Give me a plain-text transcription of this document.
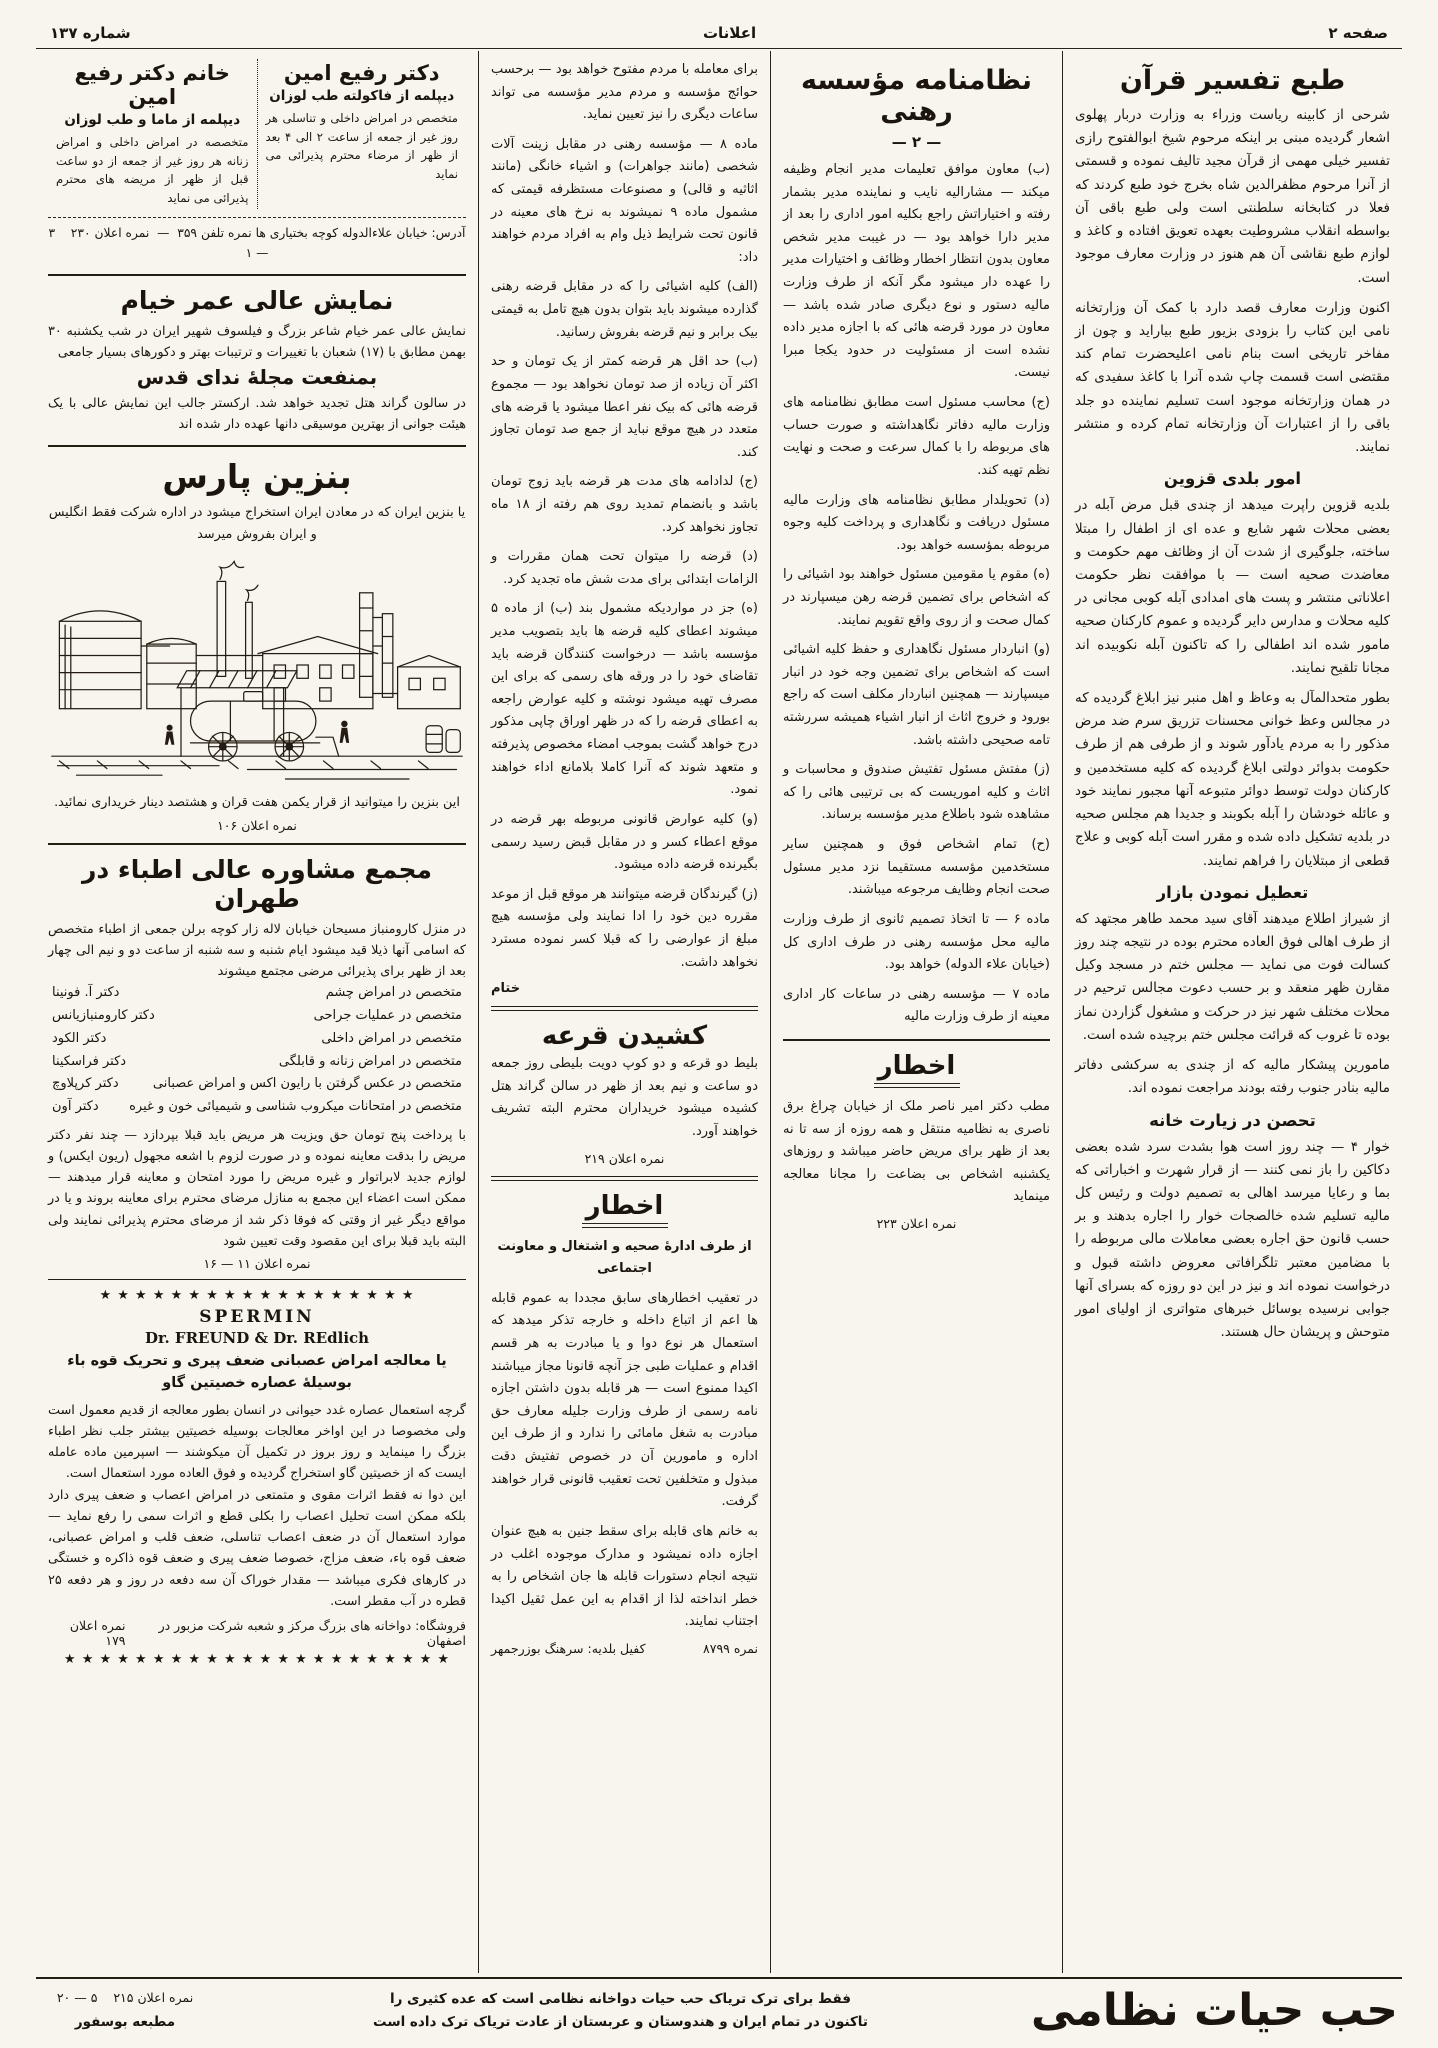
صفحه ۲
اعلانات
شماره ۱۳۷
طبع تفسیر قرآن

شرحی از کابینه ریاست وزراء به وزارت دربار پهلوی اشعار گردیده مبنی بر اینکه مرحوم شیخ ابوالفتوح رازی تفسیر خیلی مهمی از قرآن مجید تالیف نموده و قسمتی از آنرا مرحوم مظفرالدین شاه بخرج خود طبع کردند که فعلا در کتابخانه سلطنتی است ولی طبع باقی آن بواسطه انقلاب مشروطیت بعهده تعویق افتاده و کاغذ و لوازم طبع نقاشی آن هم هنوز در وزارت معارف موجود است.

اکنون وزارت معارف قصد دارد با کمک آن وزارتخانه نامی این کتاب را بزودی بزیور طبع بیاراید و چون از مفاخر تاریخی است بنام نامی اعلیحضرت تمام کند مقتضی است قسمت چاپ شده آنرا با کاغذ سفیدی که در همان وزارتخانه موجود است تسلیم نماینده دو جلد باقی را از اعتبارات آن وزارتخانه تمام کرده و منتشر نمایند.

امور بلدی قزوین

بلدیه قزوین راپرت میدهد از چندی قبل مرض آبله در بعضی محلات شهر شایع و عده ای از اطفال را مبتلا ساخته، جلوگیری از شدت آن از وظائف مهم حکومت و معاضدت صحیه است — با موافقت نظر حکومت اعلاناتی منتشر و پست های امدادی آبله کوبی مجانی در کلیه محلات و مدارس دایر گردیده و عموم کارکنان صحیه مامور شده اند اطفالی را که تاکنون آبله نکوبیده اند مجانا تلقیح نمایند.

بطور متحدالمآل به وعاظ و اهل منبر نیز ابلاغ گردیده که در مجالس وعظ خوانی محسنات تزریق سرم ضد مرض مذکور را به مردم یادآور شوند و از طرفی هم از طرف حکومت بدوائر دولتی ابلاغ گردیده که کلیه مستخدمین و کارکنان دولت توسط دوائر متبوعه آنها مجبور نمایند خود و عائله خودشان را آبله بکوبند و جدیدا هم مجلس صحیه در بلدیه تشکیل داده شده و مقرر است آبله کوبی و علاج قطعی از مبتلایان را فراهم نمایند.

تعطیل نمودن بازار

از شیراز اطلاع میدهند آقای سید محمد طاهر مجتهد که از طرف اهالی فوق العاده محترم بوده در نتیجه چند روز کسالت فوت می نماید — مجلس ختم در مسجد وکیل مقارن ظهر منعقد و بر حسب دعوت مجالس ترحیم در محلات مختلف شهر نیز در حرکت و مشغول گزاردن نماز بوده تا غروب که قرائت مجلس ختم برچیده شده است.

مامورین پیشکار مالیه که از چندی به سرکشی دفاتر مالیه بنادر جنوب رفته بودند مراجعت نموده اند.

تحصن در زیارت خانه

خوار ۴ — چند روز است هوا بشدت سرد شده بعضی دکاکین را باز نمی کنند — از قرار شهرت و اخباراتی که بما و رعایا میرسد اهالی به تصمیم دولت و رئیس کل مالیه تسلیم شده خالصجات خوار را اجاره بدهند و بر حسب قانون حق اجاره بعضی معاملات مالی مربوطه را با مضامین معتبر تلگرافاتی معروض داشته قبول و درخواست نموده اند و نیز در این دو روزه که بسرای آنها جوابی نرسیده بوسائل خبرهای متواتری از اولیای امور متوحش و پریشان حال هستند.

نظامنامه مؤسسه رهنی
— ۲ —

(ب) معاون موافق تعلیمات مدیر انجام وظیفه میکند — مشارالیه نایب و نماینده مدیر بشمار رفته و اختیاراتش راجع بکلیه امور اداری را بعد از مدیر دارا خواهد بود — در غیبت مدیر شخص معاون بدون انتظار اخطار وظائف و اختیارات مدیر را عهده دار میشود مگر آنکه از طرف وزارت مالیه دستور و نوع دیگری صادر شده باشد — معاون در مورد قرضه هائی که با اجازه مدیر داده نشده است از مسئولیت در حدود یکجا مبرا نیست.

(ج) محاسب مسئول است مطابق نظامنامه های وزارت مالیه دفاتر نگاهداشته و صورت حساب های مربوطه را با کمال سرعت و صحت و نهایت نظم تهیه کند.

(د) تحویلدار مطابق نظامنامه های وزارت مالیه مسئول دریافت و نگاهداری و پرداخت کلیه وجوه مربوطه بمؤسسه خواهد بود.

(ه) مقوم یا مقومین مسئول خواهند بود اشیائی را که اشخاص برای تضمین قرضه رهن میسپارند در کمال صحت و از روی واقع تقویم نمایند.

(و) انباردار مسئول نگاهداری و حفظ کلیه اشیائی است که اشخاص برای تضمین وجه خود در انبار میسپارند — همچنین انباردار مکلف است که راجع بورود و خروج اثاث از انبار اشیاء همیشه سررشته تامه صحیحی داشته باشد.

(ز) مفتش مسئول تفتیش صندوق و محاسبات و اثاث و کلیه اموریست که بی ترتیبی هائی را که مشاهده شود باطلاع مدیر مؤسسه برساند.

(ح) تمام اشخاص فوق و همچنین سایر مستخدمین مؤسسه مستقیما نزد مدیر مسئول صحت انجام وظایف مرجوعه میباشند.

ماده ۶ — تا اتخاذ تصمیم ثانوی از طرف وزارت مالیه محل مؤسسه رهنی در طرف اداری کل (خیابان علاء الدوله) خواهد بود.

ماده ۷ — مؤسسه رهنی در ساعات کار اداری معینه از طرف وزارت مالیه

اخطار

مطب دکتر امیر ناصر ملک از خیابان چراغ برق ناصری به نظامیه منتقل و همه روزه از سه تا نه بعد از ظهر برای مریض حاضر میباشد و روزهای یکشنبه اشخاص بی بضاعت را مجانا معالجه مینماید

نمره اعلان ۲۲۳

برای معامله با مردم مفتوح خواهد بود — برحسب حوائج مؤسسه و مردم مدیر مؤسسه می تواند ساعات دیگری را نیز تعیین نماید.

ماده ۸ — مؤسسه رهنی در مقابل زینت آلات شخصی (مانند جواهرات) و اشیاء خانگی (مانند اثاثیه و قالی) و مصنوعات مستظرفه قیمتی که مشمول ماده ۹ نمیشوند به نرخ های معینه در قانون تحت شرایط ذیل وام به افراد مردم خواهند داد:

(الف) کلیه اشیائی را که در مقابل قرضه رهنی گذارده میشوند باید بتوان بدون هیچ تامل به قیمتی بیک برابر و نیم قرضه بفروش رسانید.

(ب) حد اقل هر قرضه کمتر از یک تومان و حد اکثر آن زیاده از صد تومان نخواهد بود — مجموع قرضه هائی که بیک نفر اعطا میشود یا قرضه های متعدد در هیچ موقع نباید از جمع صد تومان تجاوز کند.

(ج) لدادامه های مدت هر قرضه باید زوج تومان باشد و بانضمام تمدید روی هم رفته از ۱۸ ماه تجاوز نخواهد کرد.

(د) قرضه را میتوان تحت همان مقررات و الزامات ابتدائی برای مدت شش ماه تجدید کرد.

(ه) جز در مواردیکه مشمول بند (ب) از ماده ۵ میشوند اعطای کلیه قرضه ها باید بتصویب مدیر مؤسسه باشد — درخواست کنندگان قرضه باید تقاضای خود را در ورقه های رسمی که برای این مصرف تهیه میشود نوشته و کلیه عوارض راجعه به اعطای قرضه را که در ظهر اوراق چاپی مذکور درج خواهد گشت بموجب امضاء مخصوص پذیرفته و متعهد شوند که آنرا کاملا بلامانع اداء خواهند نمود.

(و) کلیه عوارض قانونی مربوطه بهر قرضه در موقع اعطاء کسر و در مقابل قبض رسید رسمی بگیرنده قرضه داده میشود.

(ز) گیرندگان قرضه میتوانند هر موقع قبل از موعد مقرره دین خود را ادا نمایند ولی مؤسسه هیچ مبلغ از عوارضی را که قبلا کسر نموده مسترد نخواهد داشت.

ختام
کشیدن قرعه

بلیط دو قرعه و دو کوپ دویت بلیطی روز جمعه دو ساعت و نیم بعد از ظهر در سالن گراند هتل کشیده میشود خریداران محترم البته تشریف خواهند آورد.

نمره اعلان ۲۱۹
اخطار

از طرف ادارهٔ صحیه و اشتغال و معاونت اجتماعی

در تعقیب اخطارهای سابق مجددا به عموم قابله ها اعم از اتباع داخله و خارجه تذکر میدهد که استعمال هر نوع دوا و یا مبادرت به هر قسم اقدام و عملیات طبی جز آنچه قانونا مجاز میباشند اکیدا ممنوع است — هر قابله بدون داشتن اجازه نامه رسمی از طرف وزارت جلیله معارف حق مبادرت به شغل مامائی را ندارد و از طرف این اداره و مامورین آن در خصوص تفتیش دقت مبذول و متخلفین تحت تعقیب قانونی قرار خواهند گرفت.

به خانم های قابله برای سقط جنین به هیچ عنوان اجازه داده نمیشود و مدارک موجوده اغلب در نتیجه انجام دستورات قابله ها جان اشخاص را به خطر انداخته لذا از اقدام به این عمل ثقیل اکیدا اجتناب نمایند.

نمره ۸۷۹۹
کفیل بلدیه: سرهنگ بوزرجمهر
دکتر رفیع امین
دیپلمه از فاکولته طب لوزان
متخصص در امراض داخلی و تناسلی هر روز غیر از جمعه از ساعت ۲ الی ۴ بعد از ظهر از مرضاء محترم پذیرائی می نماید
خانم دکتر رفیع امین
دیپلمه از ماما و طب لوزان
متخصصه در امراض داخلی و امراض زنانه هر روز غیر از جمعه از دو ساعت قبل از ظهر از مریضه های محترم پذیرائی می نماید
آدرس: خیابان علاءالدوله کوچه بختیاری ها نمره تلفن ۳۵۹  —  نمره اعلان ۲۳۰    ۳ — ۱
نمایش عالی عمر خیام

نمایش عالی عمر خیام شاعر بزرگ و فیلسوف شهیر ایران در شب یکشنبه ۳۰ بهمن مطابق با (۱۷) شعبان با تغییرات و ترتیبات بهتر و دکورهای بسیار جامعی

بمنفعت مجلهٔ ندای قدس

در سالون گراند هتل تجدید خواهد شد. ارکستر جالب این نمایش عالی با یک هیئت جوانی از بهترین موسیقی دانها عهده دار شده اند

بنزین پارس

یا بنزین ایران که در معادن ایران استخراج میشود در اداره شرکت فقط انگلیس و ایران بفروش میرسد

این بنزین را میتوانید از قرار یکمن هفت قران و هشتصد دینار خریداری نمائید.

نمره اعلان ۱۰۶
مجمع مشاوره عالی اطباء در طهران

در منزل کارومنباز مسیحان خیابان لاله زار کوچه برلن جمعی از اطباء متخصص که اسامی آنها ذیلا قید میشود ایام شنبه و سه شنبه از ساعت دو و نیم الی چهار بعد از ظهر برای پذیرائی مرضی مجتمع میشوند

متخصص در امراض چشم
دکتر آ. فونینا
متخصص در عملیات جراحی
دکتر کارومنبازیانس
متخصص در امراض داخلی
دکتر الکود
متخصص در امراض زنانه و قابلگی
دکتر فراسکینا
متخصص در عکس گرفتن با رایون اکس و امراض عصبانی
دکتر کرپلاوچ
متخصص در امتحانات میکروب شناسی و شیمیائی خون و غیره
دکتر آون

با پرداخت پنج تومان حق ویزیت هر مریض باید قبلا بپردازد — چند نفر دکتر مریض را بدقت معاینه نموده و در صورت لزوم با اشعه مجهول (ریون ایکس) و لوازم جدید لابراتوار و غیره مریض را مورد امتحان و معاینه قرار میدهند — ممکن است اعضاء این مجمع به منازل مرضای محترم برای معاینه بروند و یا در مواقع دیگر غیر از وقتی که فوقا ذکر شد از مرضای محترم پذیرائی نمایند ولی البته باید قبلا برای این مقصود وقت تعیین شود

نمره اعلان ۱۱ — ۱۶
★ ★ ★ ★ ★ ★ ★ ★ ★ ★ ★ ★ ★ ★ ★ ★ ★ ★
SPERMIN
Dr. FREUND & Dr. REdlich
یا معالجه امراض عصبانی ضعف پیری و تحریک قوه باء
بوسیلهٔ عصاره خصیتین گاو

گرچه استعمال عصاره غدد حیوانی در انسان بطور معالجه از قدیم معمول است ولی مخصوصا در این اواخر معالجات بوسیله خصیتین بیشتر جلب نظر اطباء بزرگ را مینماید و روز بروز در تکمیل آن میکوشند — اسپرمین ماده عامله ایست که از خصیتین گاو استخراج گردیده و فوق العاده مورد استعمال است.

این دوا نه فقط اثرات مقوی و متمتعی در امراض اعصاب و ضعف پیری دارد بلکه ممکن است تحلیل اعصاب را بکلی قطع و اثرات سمی را رفع نماید — موارد استعمال آن در ضعف اعصاب تناسلی، ضعف قلب و امراض عصبانی، ضعف قوه باء، ضعف مزاج، خصوصا ضعف پیری و ضعف قوه ذاکره و خستگی در کارهای فکری میباشد — مقدار خوراک آن سه دفعه در روز و هر دفعه ۲۵ قطره در آب مقطر است.

فروشگاه: دواخانه های بزرگ مرکز و شعبه شرکت مزبور در اصفهان
نمره اعلان ۱۷۹
★ ★ ★ ★ ★ ★ ★ ★ ★ ★ ★ ★ ★ ★ ★ ★ ★ ★ ★ ★ ★ ★
حب حیات نظامی
فقط برای ترک تریاک حب حیات دواخانه نظامی است که عده کثیری را
تاکنون در تمام ایران و هندوستان و عربستان از عادت تریاک ترک داده است
نمره اعلان ۲۱۵    ۵ — ۲۰
مطبعه بوسفور
